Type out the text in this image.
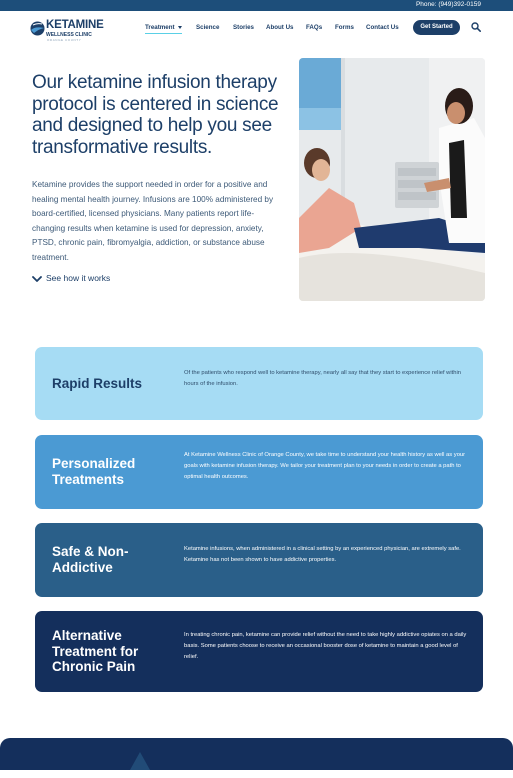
Phone: (949)392-0159
KETAMINE
WELLNESS CLINIC
ORANGE COUNTY
Treatment	Science Stories About Us FAQs Forms Contact Us	Get Started
Our ketamine infusion therapy protocol is centered in science and designed to help you see transformative results.

Ketamine provides the support needed in order for a positive and healing mental health journey. Infusions are 100% administered by board-certified, licensed physicians. Many patients report life-changing results when ketamine is used for depression, anxiety, PTSD, chronic pain, fibromyalgia, addiction, or substance abuse treatment.

See how it works
Rapid Results

Of the patients who respond well to ketamine therapy, nearly all say that they start to experience relief within hours of the infusion.

Personalized Treatments

At Ketamine Wellness Clinic of Orange County, we take time to understand your health history as well as your goals with ketamine infusion therapy. We tailor your treatment plan to your needs in order to create a path to optimal health outcomes.

Safe & Non-Addictive

Ketamine infusions, when administered in a clinical setting by an experienced physician, are extremely safe. Ketamine has not been shown to have addictive properties.

Alternative Treatment for Chronic Pain

In treating chronic pain, ketamine can provide relief without the need to take highly addictive opiates on a daily basis. Some patients choose to receive an occasional booster dose of ketamine to maintain a good level of relief.
